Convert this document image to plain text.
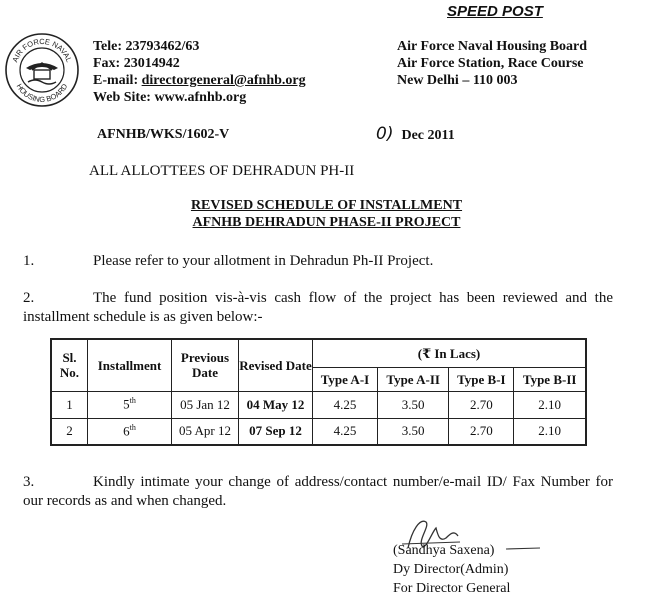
SPEED POST
AIR FORCE NAVAL
HOUSING BOARD
Tele: 23793462/63
Fax: 23014942
E-mail: directorgeneral@afnhb.org
Web Site: www.afnhb.org
Air Force Naval Housing Board
Air Force Station, Race Course
New Delhi – 110 003
AFNHB/WKS/1602-V	0) Dec 2011
ALL ALLOTTEES OF DEHRADUN PH-II
REVISED SCHEDULE OF INSTALLMENT
AFNHB DEHRADUN PHASE-II PROJECT
1.	Please refer to your allotment in Dehradun Ph-II Project.
2.	The fund position vis-à-vis cash flow of the project has been reviewed and the installment schedule is as given below:-
Sl. No.	Installment	Previous Date	Revised Date	(₹ In Lacs)			
				Type A-I	Type A-II	Type B-I	Type B-II
1	5th	05 Jan 12	04 May 12	4.25	3.50	2.70	2.10
2	6th	05 Apr 12	07 Sep 12	4.25	3.50	2.70	2.10
3.	Kindly intimate your change of address/contact number/e-mail ID/ Fax Number for our records as and when changed.
(Sandhya Saxena)
Dy Director(Admin)
For Director General
